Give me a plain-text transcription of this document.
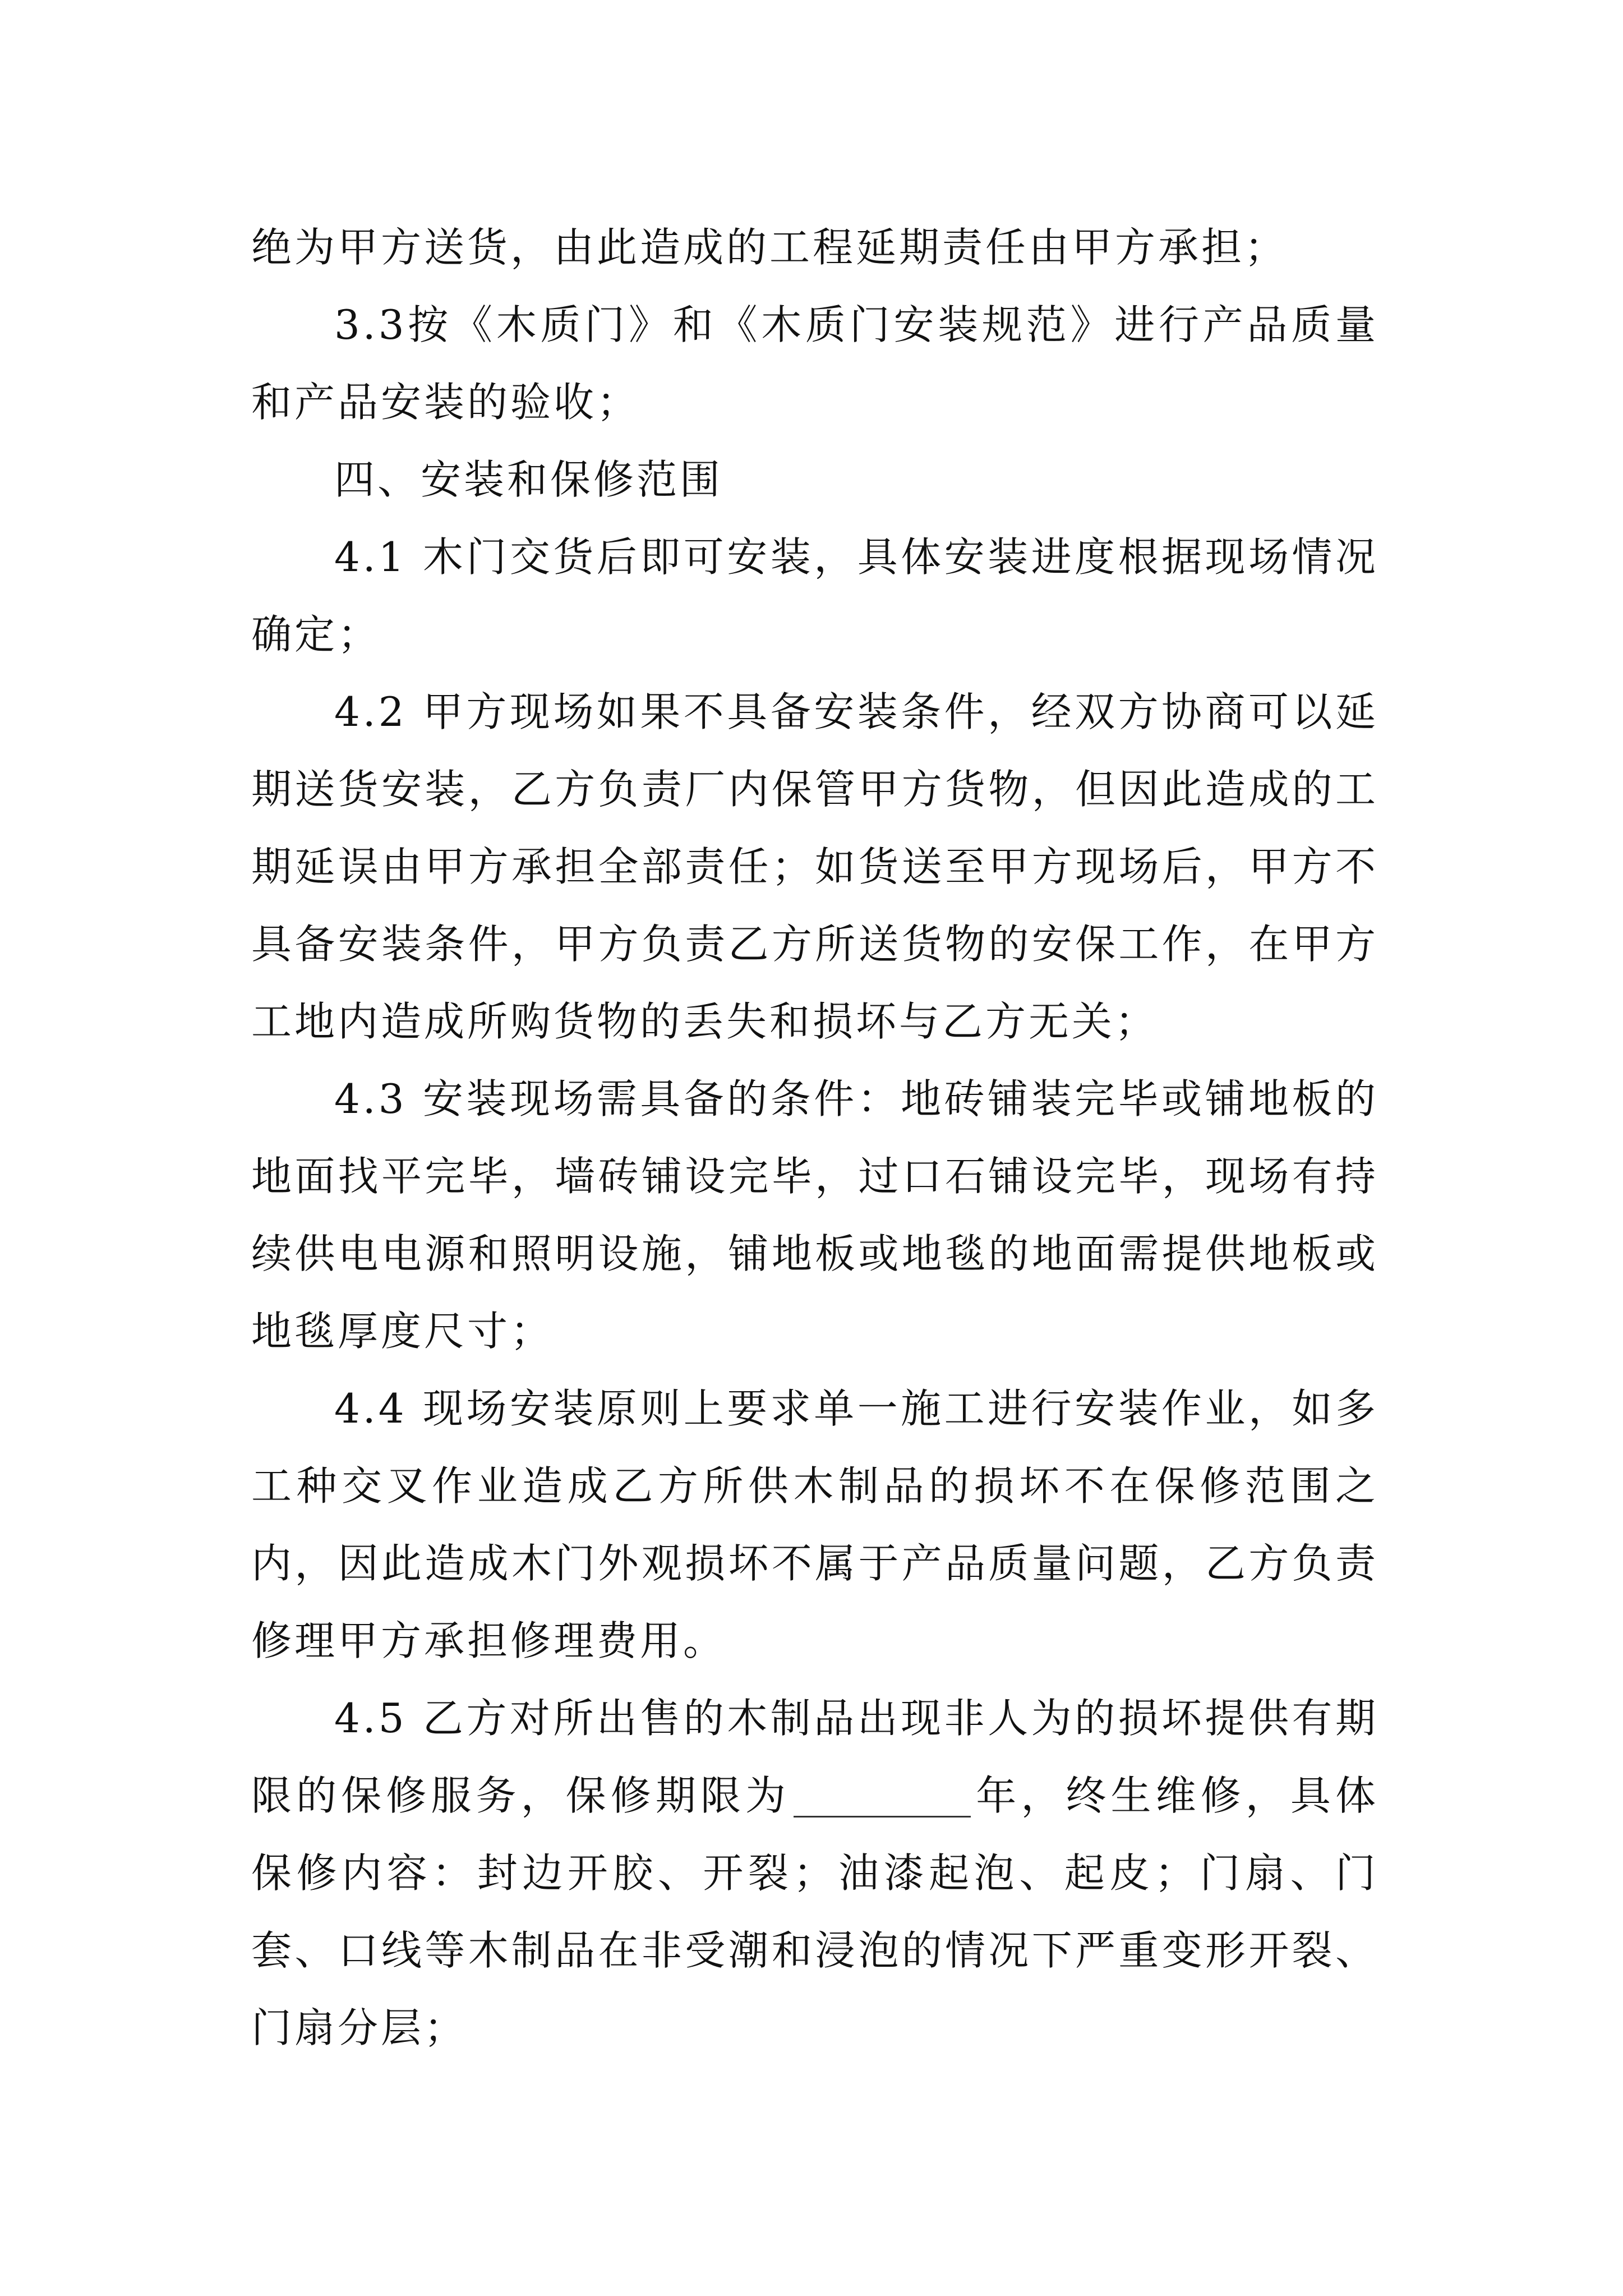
绝为甲方送货，由此造成的工程延期责任由甲方承担；

3.3按《木质门》和《木质门安装规范》进行产品质量和产品安装的验收；

四、安装和保修范围

4.1 木门交货后即可安装，具体安装进度根据现场情况确定；

4.2 甲方现场如果不具备安装条件，经双方协商可以延期送货安装，乙方负责厂内保管甲方货物，但因此造成的工期延误由甲方承担全部责任；如货送至甲方现场后，甲方不具备安装条件，甲方负责乙方所送货物的安保工作，在甲方工地内造成所购货物的丢失和损坏与乙方无关；

4.3 安装现场需具备的条件：地砖铺装完毕或铺地板的地面找平完毕，墙砖铺设完毕，过口石铺设完毕，现场有持续供电电源和照明设施，铺地板或地毯的地面需提供地板或地毯厚度尺寸；

4.4 现场安装原则上要求单一施工进行安装作业，如多工种交叉作业造成乙方所供木制品的损坏不在保修范围之内，因此造成木门外观损坏不属于产品质量问题，乙方负责修理甲方承担修理费用。

4.5 乙方对所出售的木制品出现非人为的损坏提供有期限的保修服务，保修期限为	年，终生维修，具体保修内容：封边开胶、开裂；油漆起泡、起皮；门扇、门套、口线等木制品在非受潮和浸泡的情况下严重变形开裂、门扇分层；
